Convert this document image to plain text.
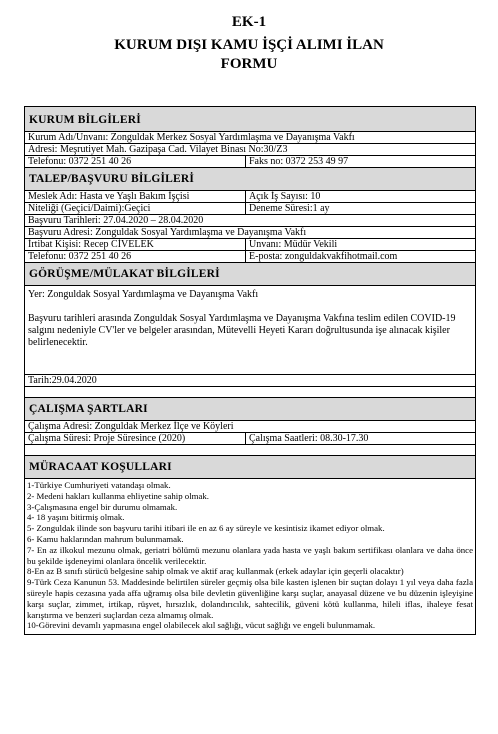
EK-1
KURUM DIŞI KAMU İŞÇİ ALIMI İLAN
FORMU
KURUM BİLGİLERİ
Kurum Adı/Unvanı: Zonguldak Merkez Sosyal Yardımlaşma ve Dayanışma Vakfı
Adresi: Meşrutiyet Mah. Gazipaşa Cad. Vilayet Binası No:30/Z3
Telefonu: 0372 251 40 26	Faks no: 0372 253 49 97
TALEP/BAŞVURU BİLGİLERİ
Meslek Adı: Hasta ve Yaşlı Bakım İşçisi	Açık İş Sayısı: 10
Niteliği (Geçici/Daimi):Geçici	Deneme Süresi:1 ay
Başvuru Tarihleri: 27.04.2020 – 28.04.2020
Başvuru Adresi: Zonguldak Sosyal Yardımlaşma ve Dayanışma Vakfı
İrtibat Kişisi: Recep CİVELEK	Unvanı: Müdür Vekili
Telefonu: 0372 251 40 26	E-posta: zonguldakvakfihotmail.com
GÖRÜŞME/MÜLAKAT BİLGİLERİ
Yer: Zonguldak Sosyal Yardımlaşma ve Dayanışma Vakfı
Başvuru tarihleri arasında Zonguldak Sosyal Yardımlaşma ve Dayanışma Vakfına teslim edilen COVID-19 salgını nedeniyle CV'ler ve belgeler arasından, Mütevelli Heyeti Kararı doğrultusunda işe alınacak kişiler belirlenecektir.
Tarih:29.04.2020
ÇALIŞMA ŞARTLARI
Çalışma Adresi: Zonguldak Merkez İlçe ve Köyleri
Çalışma Süresi: Proje Süresince (2020)	Çalışma Saatleri: 08.30-17.30
MÜRACAAT KOŞULLARI
1-Türkiye Cumhuriyeti vatandaşı olmak.
2- Medeni hakları kullanma ehliyetine sahip olmak.
3-Çalışmasına engel bir durumu olmamak.
4- 18 yaşını bitirmiş olmak.
5- Zonguldak ilinde son başvuru tarihi itibari ile en az 6 ay süreyle ve kesintisiz ikamet ediyor olmak.
6- Kamu haklarından mahrum bulunmamak.
7- En az ilkokul mezunu olmak, geriatri bölümü mezunu olanlara yada hasta ve yaşlı bakım sertifikası olanlara ve daha önce bu şekilde işdeneyimi olanlara öncelik verilecektir.
8-En az B sınıfı sürücü belgesine sahip olmak ve aktif araç kullanmak (erkek adaylar için geçerli olacaktır)
9-Türk Ceza Kanunun 53. Maddesinde belirtilen süreler geçmiş olsa bile kasten işlenen bir suçtan dolayı 1 yıl veya daha fazla süreyle hapis cezasına yada affa uğramış olsa bile devletin güvenliğine karşı suçlar, anayasal düzene ve bu düzenin işleyişine karşı suçlar, zimmet, irtikap, rüşvet, hırsızlık, dolandırıcılık, sahtecilik, güveni kötü kullanma, hileli iflas, ihaleye fesat karıştırma ve benzeri suçlardan ceza almamış olmak.
10-Görevini devamlı yapmasına engel olabilecek akıl sağlığı, vücut sağlığı ve engeli bulunmamak.
